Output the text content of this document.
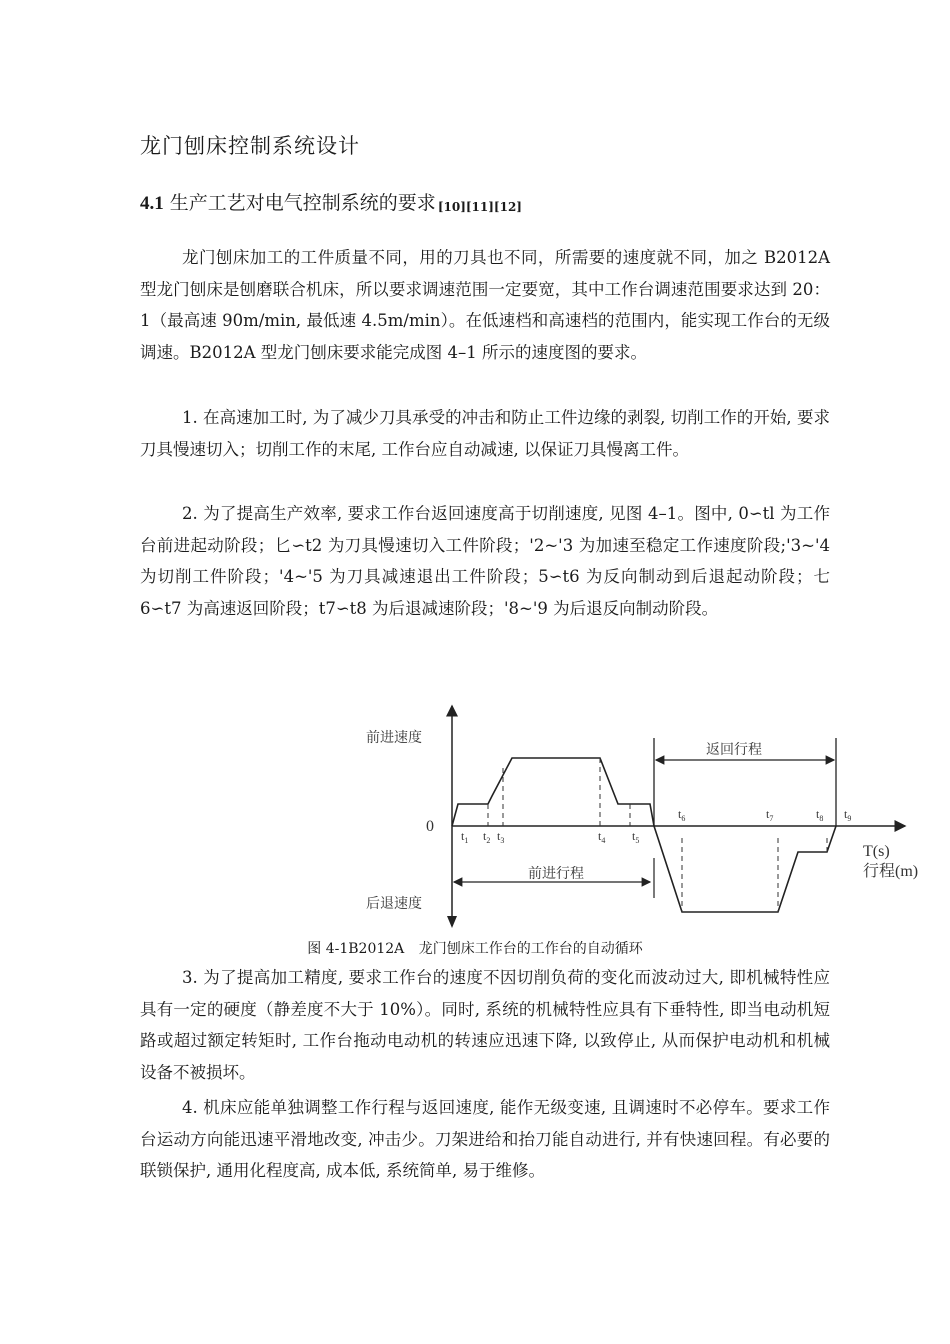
龙门刨床控制系统设计
4.1 生产工艺对电气控制系统的要求 [10][11][12]

龙门刨床加工的工件质量不同，用的刀具也不同，所需要的速度就不同，加之 B2012A 型龙门刨床是刨磨联合机床，所以要求调速范围一定要宽，其中工作台调速范围要求达到 20：1（最高速 90m/min, 最低速 4.5m/min）。在低速档和高速档的范围内，能实现工作台的无级调速。B2012A 型龙门刨床要求能完成图 4–1 所示的速度图的要求。

1. 在高速加工时, 为了减少刀具承受的冲击和防止工件边缘的剥裂, 切削工作的开始, 要求刀具慢速切入；切削工作的末尾, 工作台应自动减速, 以保证刀具慢离工件。

2. 为了提高生产效率, 要求工作台返回速度高于切削速度, 见图 4–1。图中, 0∽tl 为工作台前进起动阶段；匕∽t2 为刀具慢速切入工件阶段；'2~'3 为加速至稳定工作速度阶段;'3~'4 为切削工件阶段；'4~'5 为刀具减速退出工件阶段；5∽t6 为反向制动到后退起动阶段；七 6∽t7 为高速返回阶段；t7∽t8 为后退减速阶段；'8~'9 为后退反向制动阶段。

前进速度
后退速度
0
返回行程
前进行程
T(s)
行程(m)
$t_1$ $t_2$ $t_3$	$t_4$ $t_5$
$t_6$	$t_7$	$t_8$ $t_9$

图 4-1B2012A 龙门刨床工作台的工作台的自动循环

3. 为了提高加工精度, 要求工作台的速度不因切削负荷的变化而波动过大, 即机械特性应具有一定的硬度（静差度不大于 10%）。同时, 系统的机械特性应具有下垂特性, 即当电动机短路或超过额定转矩时, 工作台拖动电动机的转速应迅速下降, 以致停止, 从而保护电动机和机械设备不被损坏。

4. 机床应能单独调整工作行程与返回速度, 能作无级变速, 且调速时不必停车。要求工作台运动方向能迅速平滑地改变, 冲击少。刀架进给和抬刀能自动进行, 并有快速回程。有必要的联锁保护, 通用化程度高, 成本低, 系统简单, 易于维修。
